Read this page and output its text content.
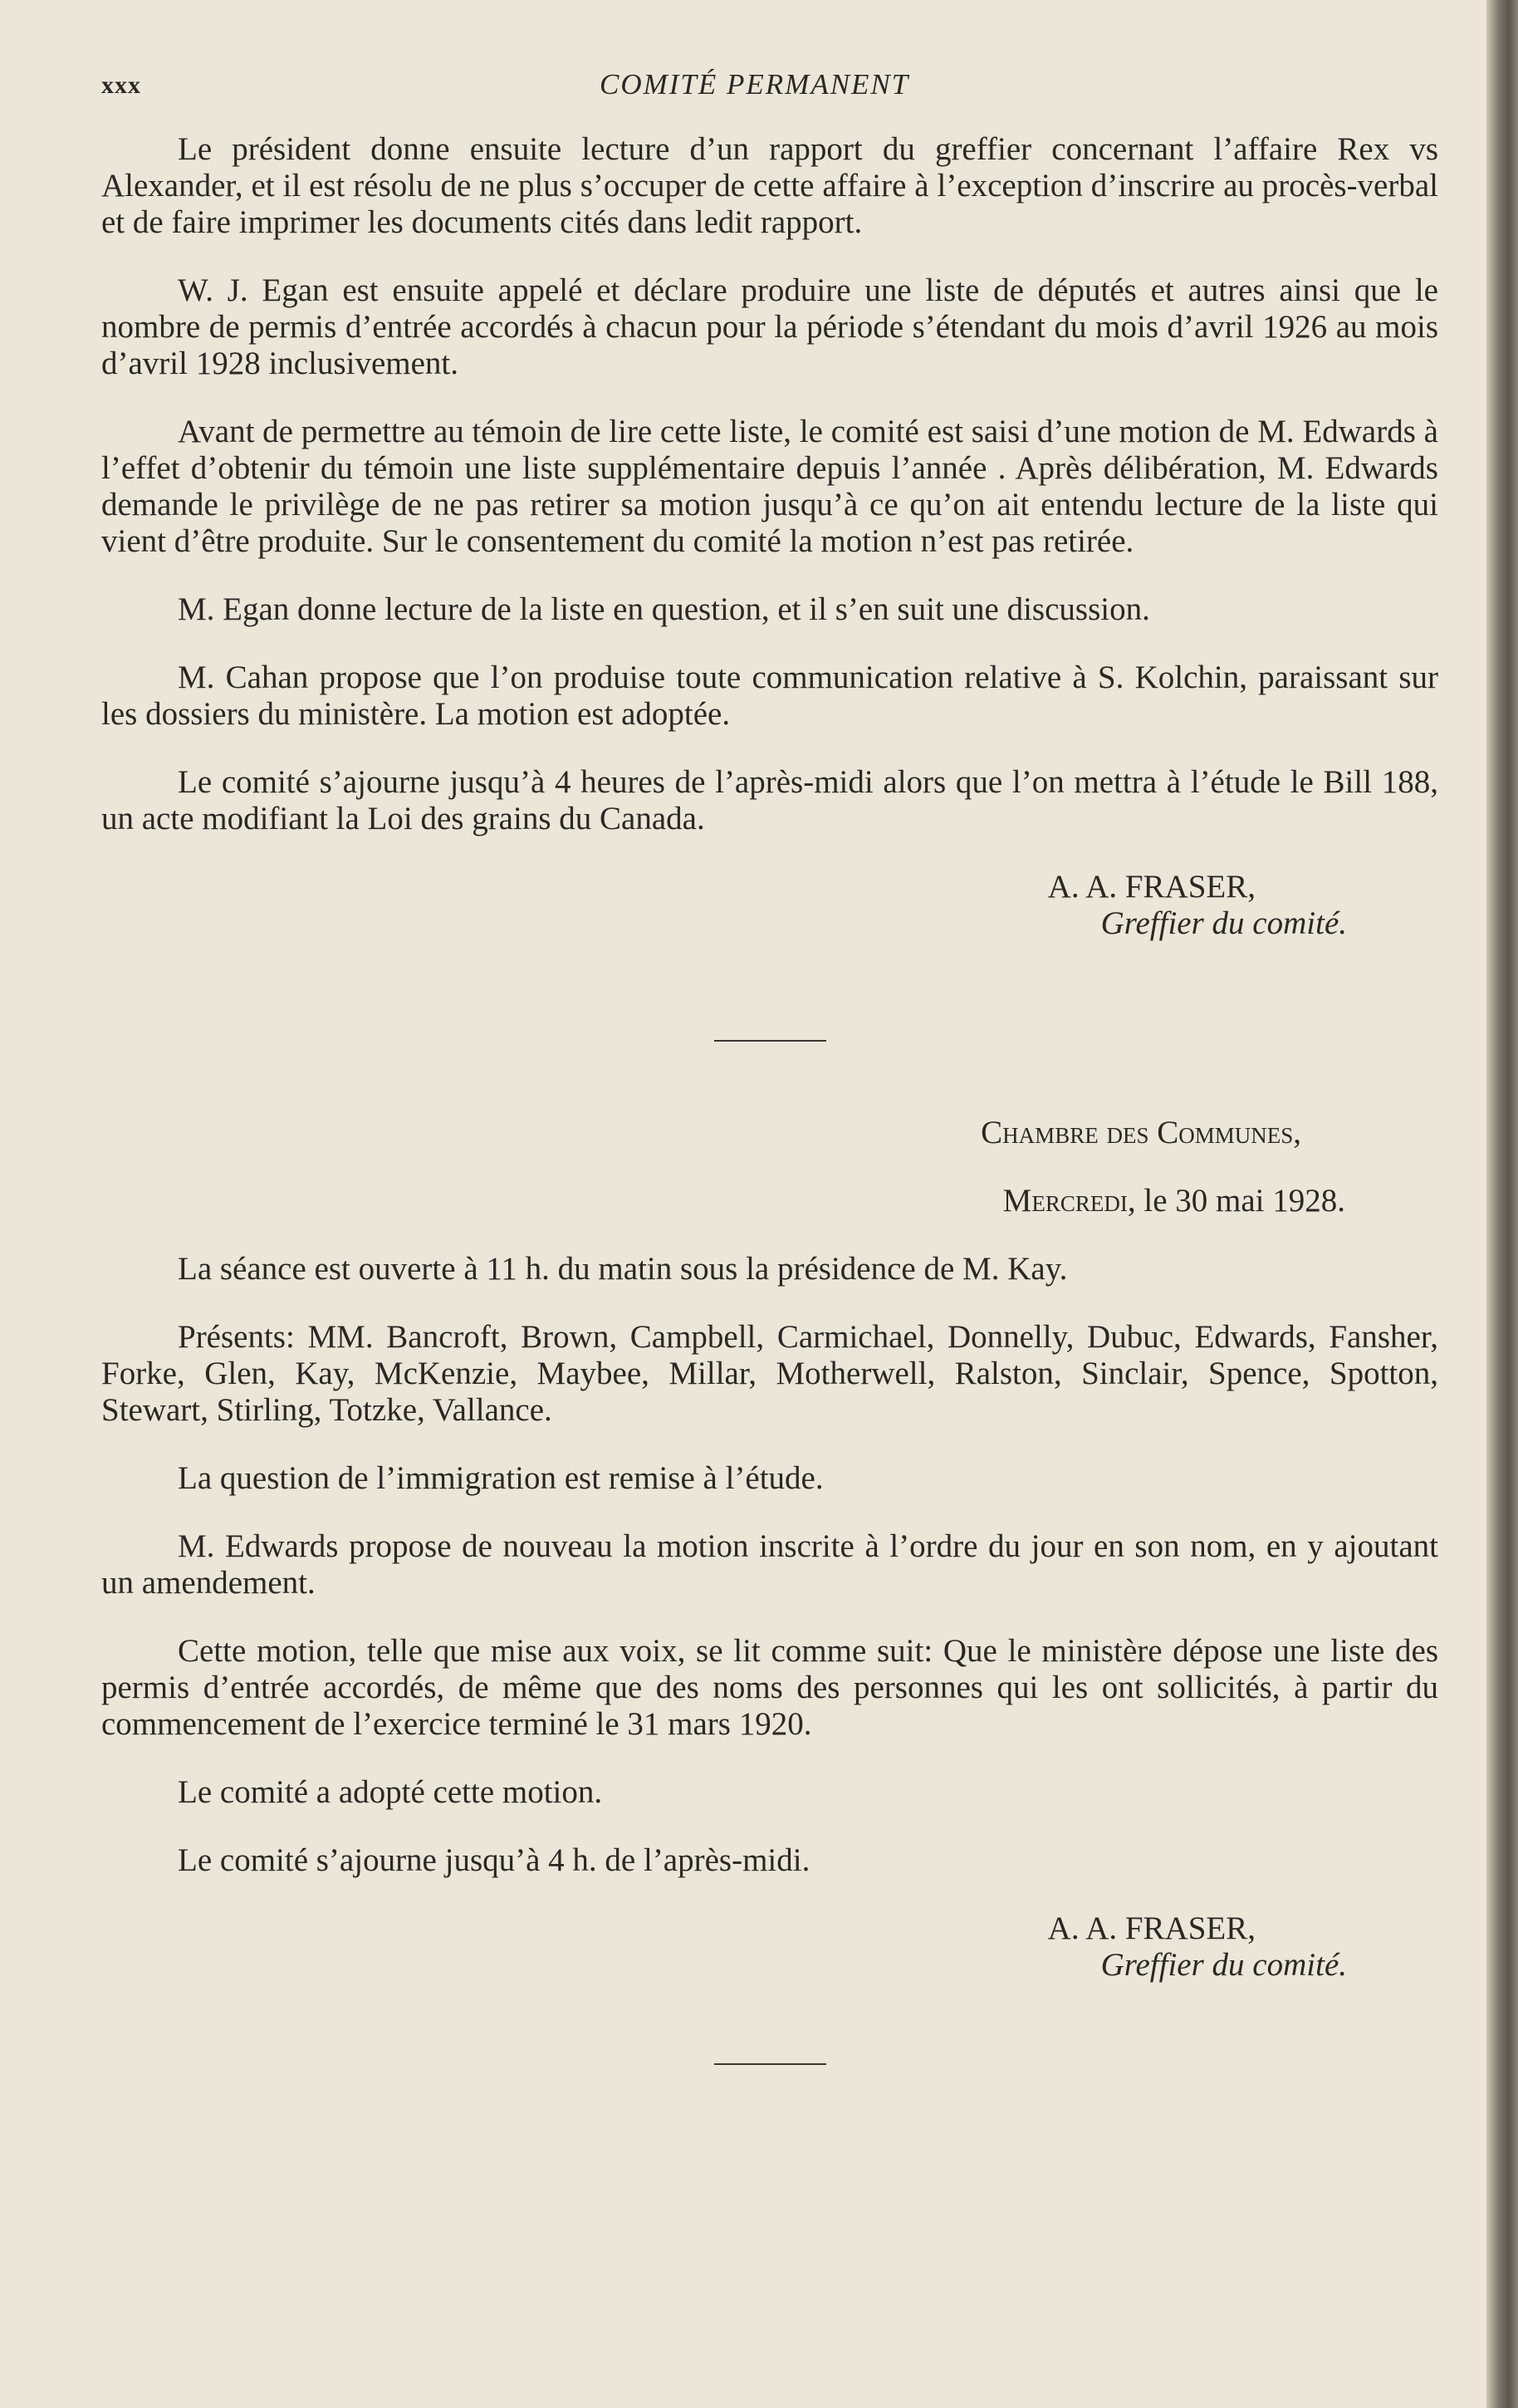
xxx	COMITÉ PERMANENT

Le président donne ensuite lecture d’un rapport du greffier concernant l’affaire Rex vs Alexander, et il est résolu de ne plus s’occuper de cette affaire à l’exception d’inscrire au procès-verbal et de faire imprimer les documents cités dans ledit rapport.

W. J. Egan est ensuite appelé et déclare produire une liste de députés et autres ainsi que le nombre de permis d’entrée accordés à chacun pour la période s’étendant du mois d’avril 1926 au mois d’avril 1928 inclusivement.

Avant de permettre au témoin de lire cette liste, le comité est saisi d’une motion de M. Edwards à l’effet d’obtenir du témoin une liste supplémentaire depuis l’année . Après délibération, M. Edwards demande le privilège de ne pas retirer sa motion jusqu’à ce qu’on ait entendu lecture de la liste qui vient d’être produite. Sur le consentement du comité la motion n’est pas retirée.

M. Egan donne lecture de la liste en question, et il s’en suit une discussion.

M. Cahan propose que l’on produise toute communication relative à S. Kolchin, paraissant sur les dossiers du ministère. La motion est adoptée.

Le comité s’ajourne jusqu’à 4 heures de l’après-midi alors que l’on mettra à l’étude le Bill 188, un acte modifiant la Loi des grains du Canada.

A. A. FRASER,

Greffier du comité.

Chambre des Communes,

Mercredi, le 30 mai 1928.

La séance est ouverte à 11 h. du matin sous la présidence de M. Kay.

Présents: MM. Bancroft, Brown, Campbell, Carmichael, Donnelly, Dubuc, Edwards, Fansher, Forke, Glen, Kay, McKenzie, Maybee, Millar, Motherwell, Ralston, Sinclair, Spence, Spotton, Stewart, Stirling, Totzke, Vallance.

La question de l’immigration est remise à l’étude.

M. Edwards propose de nouveau la motion inscrite à l’ordre du jour en son nom, en y ajoutant un amendement.

Cette motion, telle que mise aux voix, se lit comme suit: Que le ministère dépose une liste des permis d’entrée accordés, de même que des noms des personnes qui les ont sollicités, à partir du commencement de l’exercice terminé le 31 mars 1920.

Le comité a adopté cette motion.

Le comité s’ajourne jusqu’à 4 h. de l’après-midi.

A. A. FRASER,

Greffier du comité.
